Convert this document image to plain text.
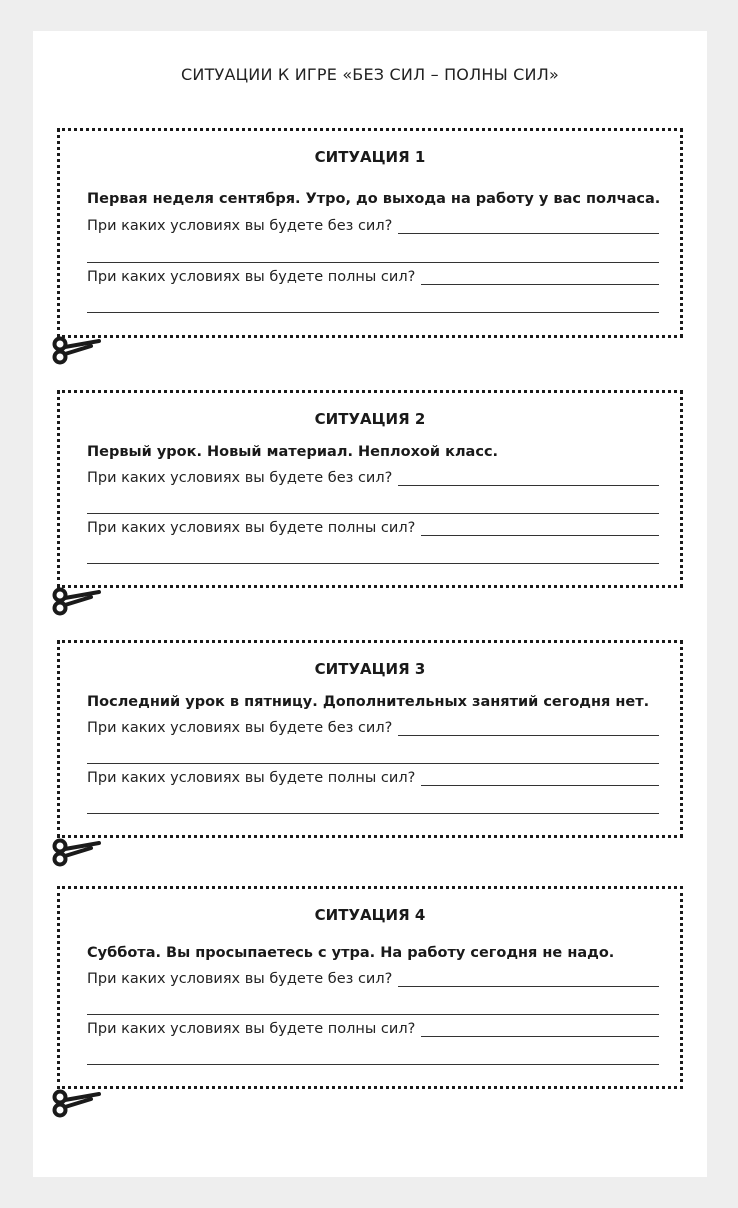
СИТУАЦИИ К ИГРЕ «БЕЗ СИЛ – ПОЛНЫ СИЛ»
СИТУАЦИЯ 1
Первая неделя сентября. Утро, до выхода на работу у вас полчаса.
При каких условиях вы будете без сил?
При каких условиях вы будете полны сил?
СИТУАЦИЯ 2
Первый урок. Новый материал. Неплохой класс.
При каких условиях вы будете без сил?
При каких условиях вы будете полны сил?
СИТУАЦИЯ 3
Последний урок в пятницу. Дополнительных занятий сегодня нет.
При каких условиях вы будете без сил?
При каких условиях вы будете полны сил?
СИТУАЦИЯ 4
Суббота. Вы просыпаетесь с утра. На работу сегодня не надо.
При каких условиях вы будете без сил?
При каких условиях вы будете полны сил?
